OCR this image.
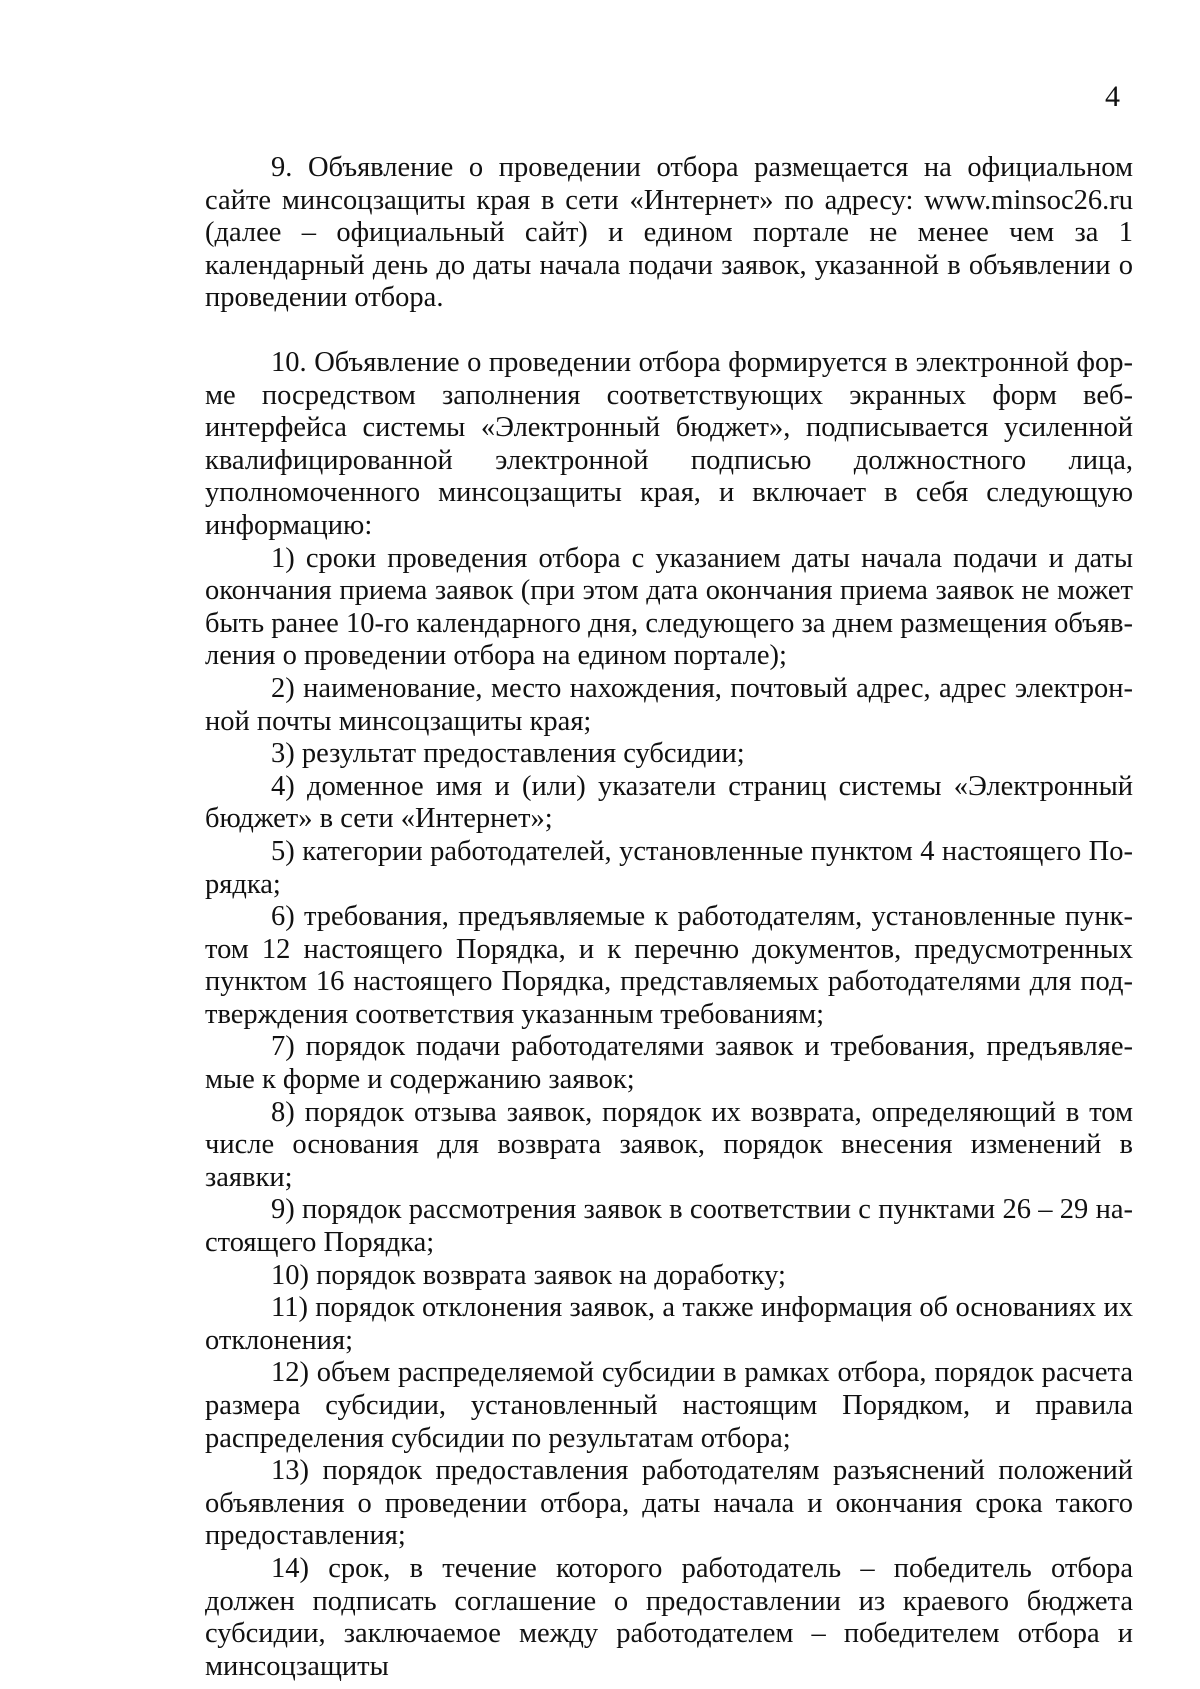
4

9. Объявление о проведении отбора размещается на официальном сайте минсоцзащиты края в сети «Интернет» по адресу: www.minsoc26.ru (далее – официальный сайт) и едином портале не менее чем за 1 календарный день до даты начала подачи заявок, указанной в объявлении о проведении отбора.

10. Объявление о проведении отбора формируется в электронной форме посредством заполнения соответствующих экранных форм веб-интерфейса системы «Электронный бюджет», подписывается усиленной квалифицированной электронной подписью должностного лица, уполномоченного минсоцзащиты края, и включает в себя следующую информацию:

1) сроки проведения отбора с указанием даты начала подачи и даты окончания приема заявок (при этом дата окончания приема заявок не может быть ранее 10-го календарного дня, следующего за днем размещения объявления о проведении отбора на едином портале);

2) наименование, место нахождения, почтовый адрес, адрес электронной почты минсоцзащиты края;

3) результат предоставления субсидии;

4) доменное имя и (или) указатели страниц системы «Электронный бюджет» в сети «Интернет»;

5) категории работодателей, установленные пунктом 4 настоящего Порядка;

6) требования, предъявляемые к работодателям, установленные пунктом 12 настоящего Порядка, и к перечню документов, предусмотренных пунктом 16 настоящего Порядка, представляемых работодателями для подтверждения соответствия указанным требованиям;

7) порядок подачи работодателями заявок и требования, предъявляемые к форме и содержанию заявок;

8) порядок отзыва заявок, порядок их возврата, определяющий в том числе основания для возврата заявок, порядок внесения изменений в заявки;

9) порядок рассмотрения заявок в соответствии с пунктами 26 – 29 настоящего Порядка;

10) порядок возврата заявок на доработку;

11) порядок отклонения заявок, а также информация об основаниях их отклонения;

12) объем распределяемой субсидии в рамках отбора, порядок расчета размера субсидии, установленный настоящим Порядком, и правила распределения субсидии по результатам отбора;

13) порядок предоставления работодателям разъяснений положений объявления о проведении отбора, даты начала и окончания срока такого предоставления;

14) срок, в течение которого работодатель – победитель отбора должен подписать соглашение о предоставлении из краевого бюджета субсидии, заключаемое между работодателем – победителем отбора и минсоцзащиты
